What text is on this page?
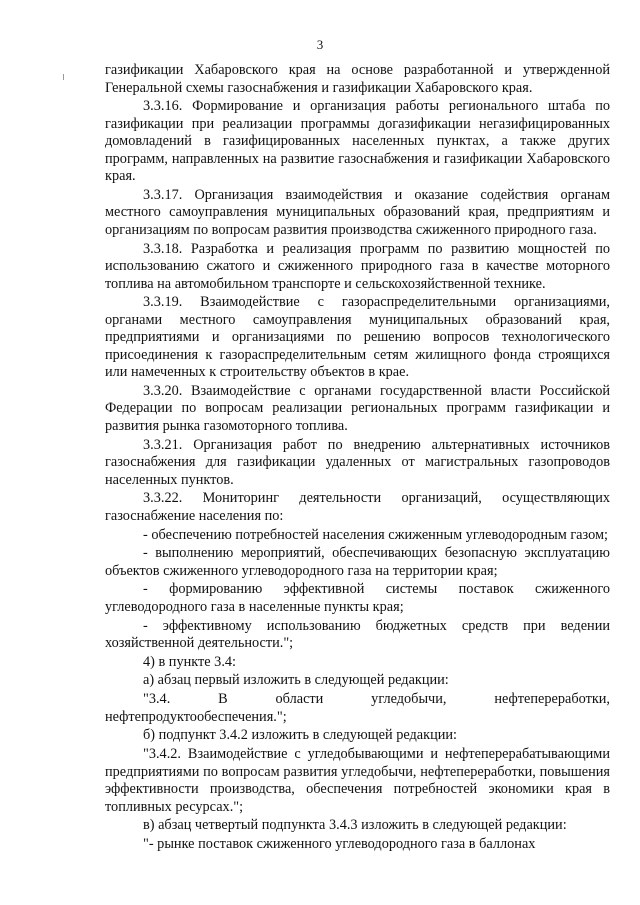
3

газификации Хабаровского края на основе разработанной и утвержденной Генеральной схемы газоснабжения и газификации Хабаровского края.

3.3.16. Формирование и организация работы регионального штаба по газификации при реализации программы догазификации негазифицированных домовладений в газифицированных населенных пунктах, а также других программ, направленных на развитие газоснабжения и газификации Хабаровского края.

3.3.17. Организация взаимодействия и оказание содействия органам местного самоуправления муниципальных образований края, предприятиям и организациям по вопросам развития производства сжиженного природного газа.

3.3.18. Разработка и реализация программ по развитию мощностей по использованию сжатого и сжиженного природного газа в качестве моторного топлива на автомобильном транспорте и сельскохозяйственной технике.

3.3.19. Взаимодействие с газораспределительными организациями, органами местного самоуправления муниципальных образований края, предприятиями и организациями по решению вопросов технологического присоединения к газораспределительным сетям жилищного фонда строящихся или намеченных к строительству объектов в крае.

3.3.20. Взаимодействие с органами государственной власти Российской Федерации по вопросам реализации региональных программ газификации и развития рынка газомоторного топлива.

3.3.21. Организация работ по внедрению альтернативных источников газоснабжения для газификации удаленных от магистральных газопроводов населенных пунктов.

3.3.22. Мониторинг деятельности организаций, осуществляющих газоснабжение населения по:

- обеспечению потребностей населения сжиженным углеводородным газом;

- выполнению мероприятий, обеспечивающих безопасную эксплуатацию объектов сжиженного углеводородного газа на территории края;

- формированию эффективной системы поставок сжиженного углеводородного газа в населенные пункты края;

- эффективному использованию бюджетных средств при ведении хозяйственной деятельности.";

4) в пункте 3.4:

а) абзац первый изложить в следующей редакции:

"3.4. В области угледобычи, нефтепереработки, нефтепродуктообеспечения.";

б) подпункт 3.4.2 изложить в следующей редакции:

"3.4.2. Взаимодействие с угледобывающими и нефтеперерабатывающими предприятиями по вопросам развития угледобычи, нефтепереработки, повышения эффективности производства, обеспечения потребностей экономики края в топливных ресурсах.";

в) абзац четвертый подпункта 3.4.3 изложить в следующей редакции:

"- рынке поставок сжиженного углеводородного газа в баллонах
